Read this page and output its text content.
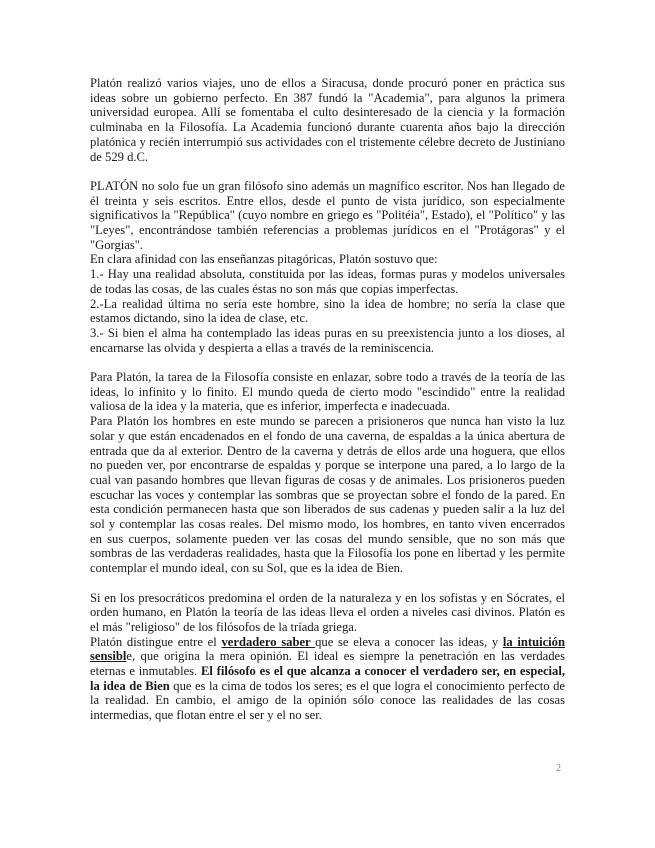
Platón realizó varios viajes, uno de ellos a Siracusa, donde procuró poner en práctica sus ideas sobre un gobierno perfecto. En 387 fundó la "Academia", para algunos la primera universidad europea. Allí se fomentaba el culto desinteresado de la ciencia y la formación culminaba en la Filosofía. La Academia funcionó durante cuarenta años bajo la dirección platónica y recién interrumpió sus actividades con el tristemente célebre decreto de Justiniano de 529 d.C.

PLATÓN no solo fue un gran filósofo sino además un magnífico escritor. Nos han llegado de él treinta y seis escritos. Entre ellos, desde el punto de vista jurídico, son especialmente significativos la "República" (cuyo nombre en griego es "Politéia", Estado), el "Político" y las "Leyes", encontrándose también referencias a problemas jurídicos en el "Protágoras" y el "Gorgias".

En clara afinidad con las enseñanzas pitagóricas, Platón sostuvo que:

1.- Hay una realidad absoluta, constituida por las ideas, formas puras y modelos universales de todas las cosas, de las cuales éstas no son más que copias imperfectas.

2.-La realidad última no sería este hombre, sino la idea de hombre; no sería la clase que estamos dictando, sino la idea de clase, etc.

3.- Si bien el alma ha contemplado las ideas puras en su preexistencia junto a los dioses, al encarnarse las olvida y despierta a ellas a través de la reminiscencia.

Para Platón, la tarea de la Filosofía consiste en enlazar, sobre todo a través de la teoría de las ideas, lo infinito y lo finito. El mundo queda de cierto modo "escindido" entre la realidad valiosa de la idea y la materia, que es inferior, imperfecta e inadecuada.

Para Platón los hombres en este mundo se parecen a prisioneros que nunca han visto la luz solar y que están encadenados en el fondo de una caverna, de espaldas a la única abertura de entrada que da al exterior. Dentro de la caverna y detrás de ellos arde una hoguera, que ellos no pueden ver, por encontrarse de espaldas y porque se interpone una pared, a lo largo de la cual van pasando hombres que llevan figuras de cosas y de animales. Los prisioneros pueden escuchar las voces y contemplar las sombras que se proyectan sobre el fondo de la pared. En esta condición permanecen hasta que son liberados de sus cadenas y pueden salir a la luz del sol y contemplar las cosas reales. Del mismo modo, los hombres, en tanto viven encerrados en sus cuerpos, solamente pueden ver las cosas del mundo sensible, que no son más que sombras de las verdaderas realidades, hasta que la Filosofía los pone en libertad y les permite contemplar el mundo ideal, con su Sol, que es la idea de Bien.

Si en los presocráticos predomina el orden de la naturaleza y en los sofistas y en Sócrates, el orden humano, en Platón la teoría de las ideas lleva el orden a niveles casi divinos. Platón es el más "religioso" de los filósofos de la tríada griega.

Platón distingue entre el verdadero saber que se eleva a conocer las ideas, y la intuición sensible, que origina la mera opinión. El ideal es siempre la penetración en las verdades eternas e inmutables. El filósofo es el que alcanza a conocer el verdadero ser, en especial, la idea de Bien que es la cima de todos los seres; es el que logra el conocimiento perfecto de la realidad. En cambio, el amigo de la opinión sólo conoce las realidades de las cosas intermedias, que flotan entre el ser y el no ser.

2
